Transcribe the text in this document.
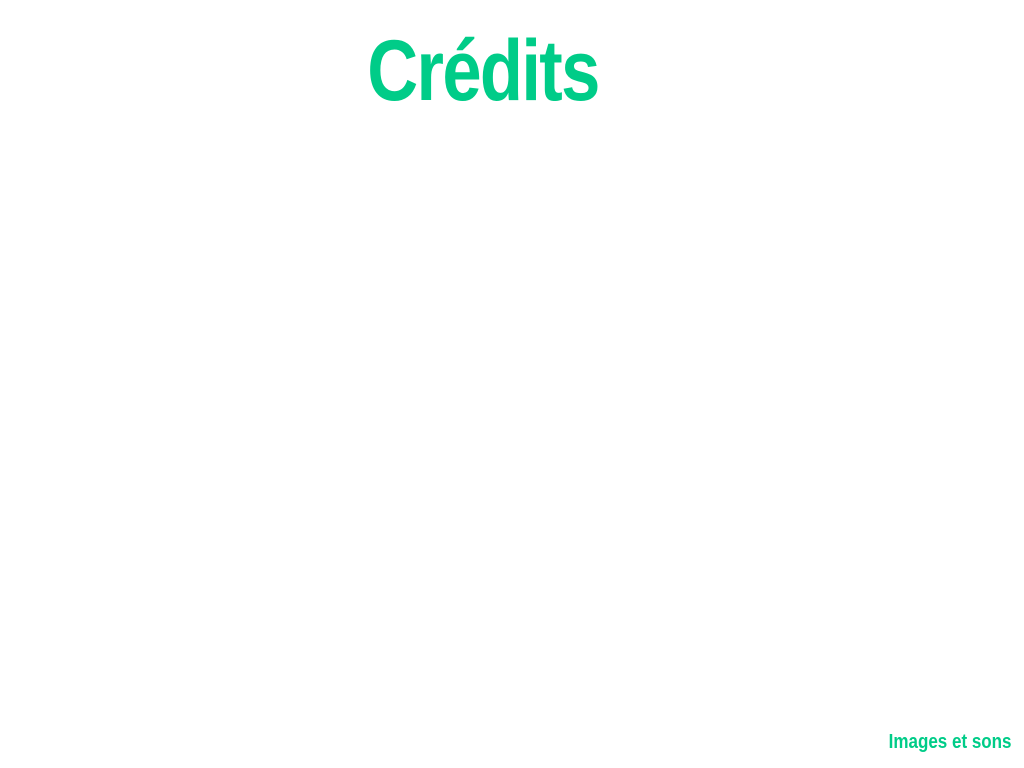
Crédits
Baptiste HUOTIN
Graphiste
Développeur
Théo COUCHON
Développeur
Designer
Tristan BÉRARD
Développeur
Thomas BRAUN
Responsable Technique
Développeur
Loïc LECOMTE
Game Designer
Images et sons
